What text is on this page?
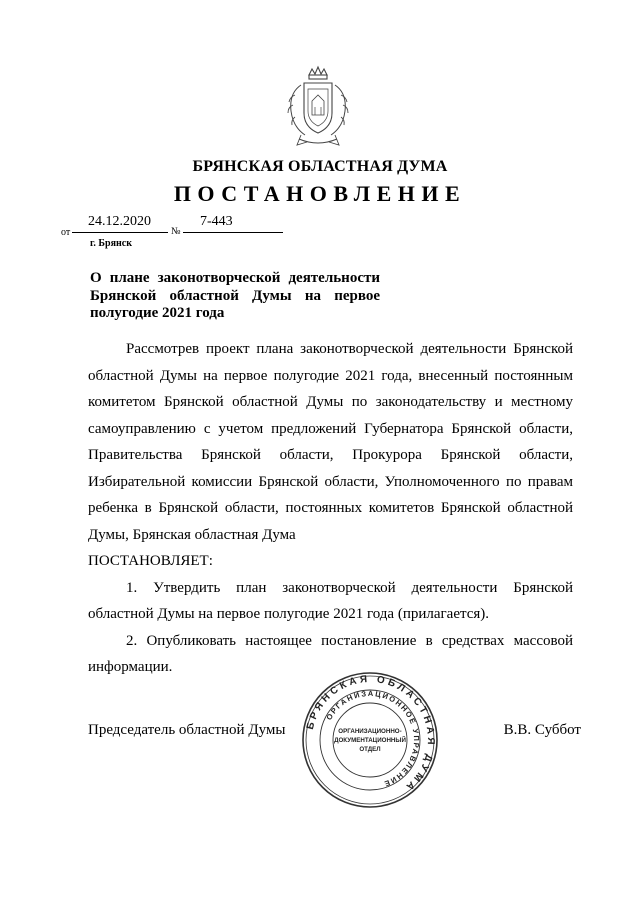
БРЯНСКАЯ ОБЛАСТНАЯ ДУМА
ПОСТАНОВЛЕНИЕ
от
24.12.2020
№
7-443
г. Брянск
О плане законотворческой деятельности Брянской областной Думы на первое полугодие 2021 года

Рассмотрев проект плана законотворческой деятельности Брянской областной Думы на первое полугодие 2021 года, внесенный постоянным комитетом Брянской областной Думы по законодательству и местному самоуправлению с учетом предложений Губернатора Брянской области, Правительства Брянской области, Прокурора Брянской области, Избирательной комиссии Брянской области, Уполномоченного по правам ребенка в Брянской области, постоянных комитетов Брянской областной Думы, Брянская областная Дума

ПОСТАНОВЛЯЕТ:

1. Утвердить план законотворческой деятельности Брянской областной Думы на первое полугодие 2021 года (прилагается).

2. Опубликовать настоящее постановление в средствах массовой информации.

БРЯНСКАЯ ОБЛАСТНАЯ ДУМА
ОРГАНИЗАЦИОННОЕ УПРАВЛЕНИЕ
ОРГАНИЗАЦИОННО-
ДОКУМЕНТАЦИОННЫЙ
ОТДЕЛ
Председатель областной Думы	В.В. Суббот
